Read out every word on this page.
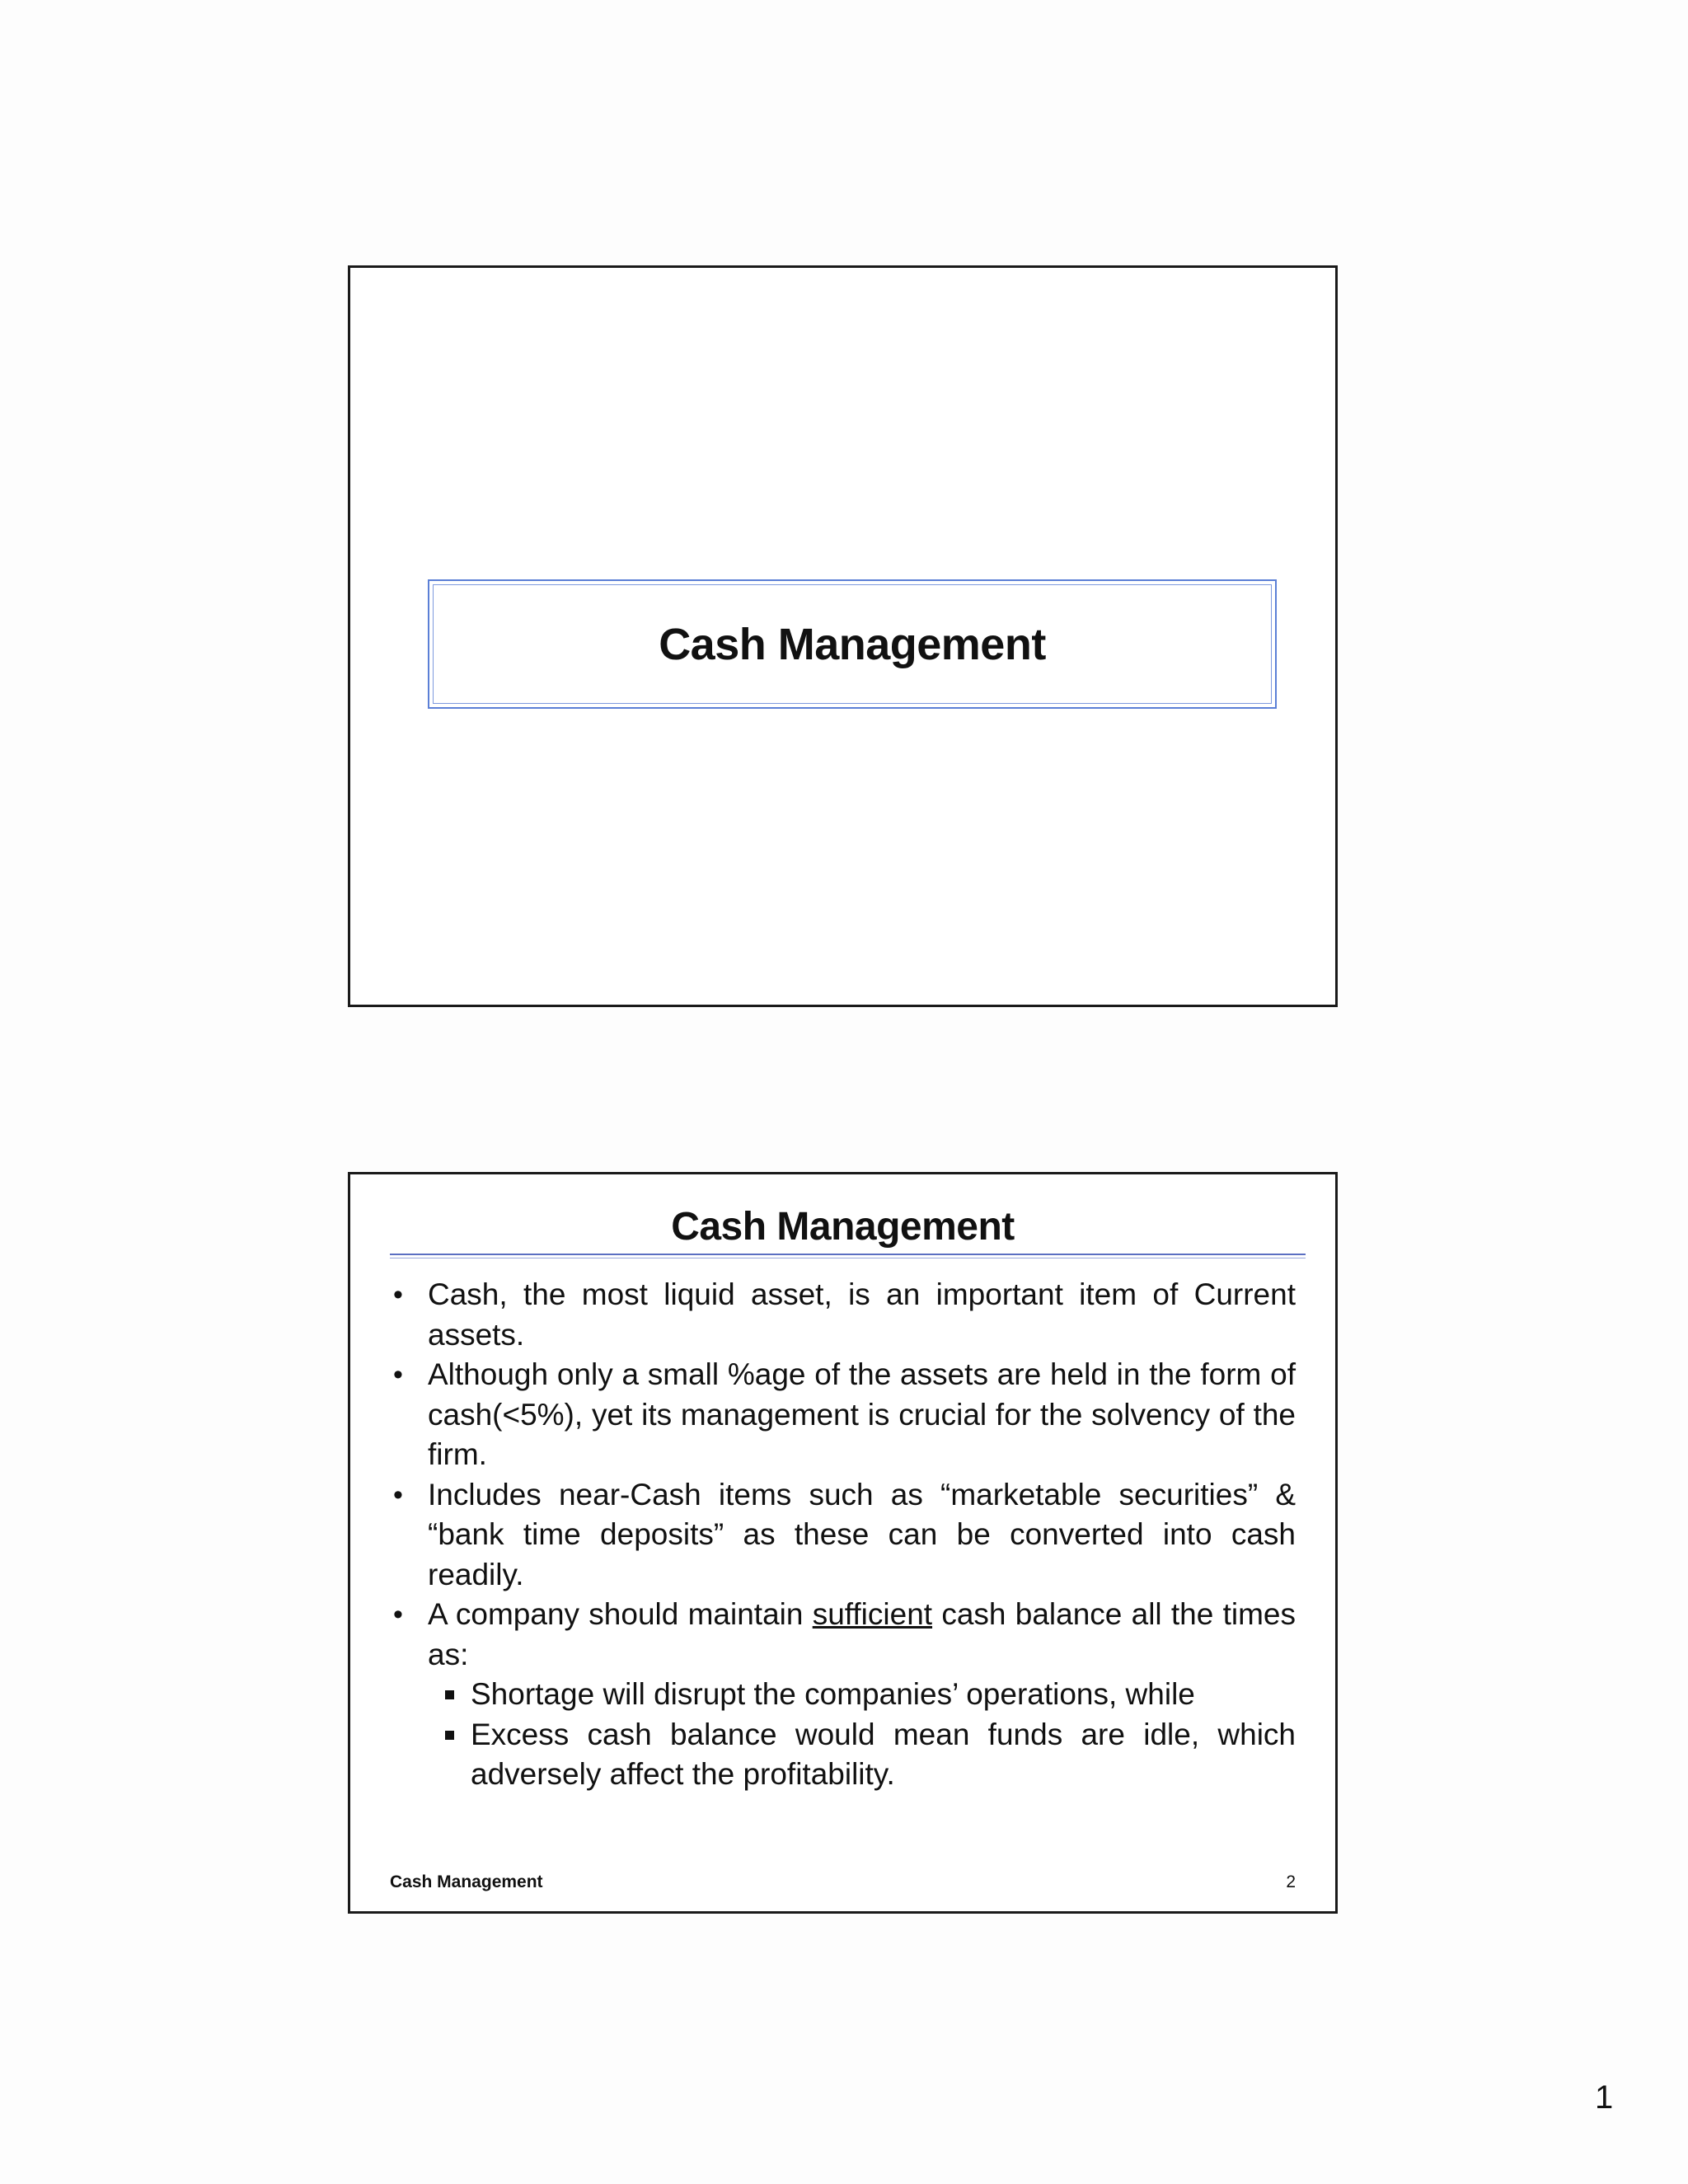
Cash Management
Cash Management
• Cash, the most liquid asset, is an important item of Current assets.
• Although only a small %age of the assets are held in the form of cash(<5%), yet its management is crucial for the solvency of the firm.
• Includes near-Cash items such as “marketable securities” & “bank time deposits” as these can be converted into cash readily.
• A company should maintain sufficient cash balance all the times as:
Shortage will disrupt the companies’ operations, while
Excess cash balance would mean funds are idle, which adversely affect the profitability.
Cash Management	2
1
